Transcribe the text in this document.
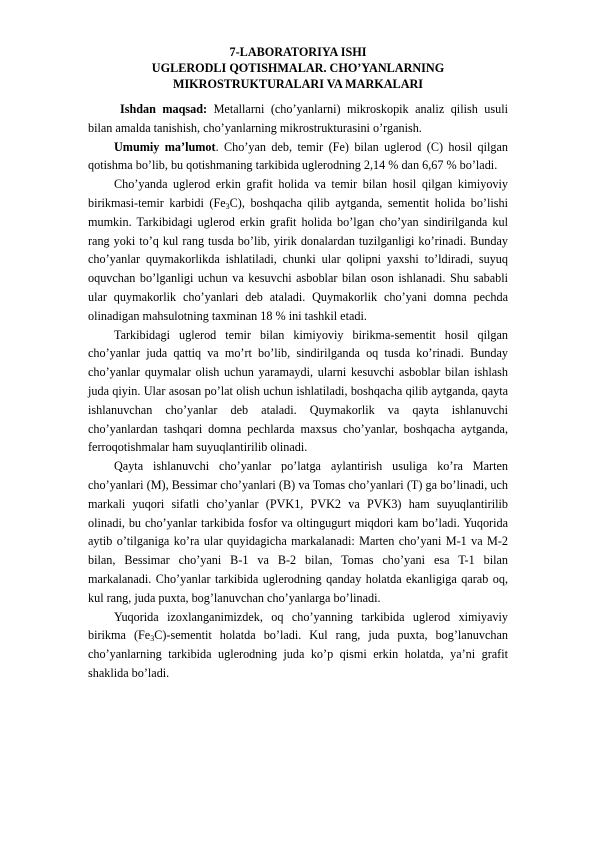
7-LABORATORIYA ISHI
UGLERODLI QOTISHMALAR. CHO’YANLARNING
MIKROSTRUKTURALARI VA MARKALARI

Ishdan maqsad: Metallarni (cho’yanlarni) mikroskopik analiz qilish usuli bilan amalda tanishish, cho’yanlarning mikrostrukturasini o’rganish.

Umumiy ma’lumot. Cho’yan deb, temir (Fe) bilan uglerod (C) hosil qilgan qotishma bo’lib, bu qotishmaning tarkibida uglerodning 2,14 % dan 6,67 % bo’ladi.

Cho’yanda uglerod erkin grafit holida va temir bilan hosil qilgan kimiyoviy birikmasi-temir karbidi $(Fe_3C)$, boshqacha qilib aytganda, sementit holida bo’lishi mumkin. Tarkibidagi uglerod erkin grafit holida bo’lgan cho’yan sindirilganda kul rang yoki to’q kul rang tusda bo’lib, yirik donalardan tuzilganligi ko’rinadi. Bunday cho’yanlar quymakorlikda ishlatiladi, chunki ular qolipni yaxshi to’ldiradi, suyuq oquvchan bo’lganligi uchun va kesuvchi asboblar bilan oson ishlanadi. Shu sababli ular quymakorlik cho’yanlari deb ataladi. Quymakorlik cho’yani domna pechda olinadigan mahsulotning taxminan 18 % ini tashkil etadi.

Tarkibidagi uglerod temir bilan kimiyoviy birikma-sementit hosil qilgan cho’yanlar juda qattiq va mo’rt bo’lib, sindirilganda oq tusda ko’rinadi. Bunday cho’yanlar quymalar olish uchun yaramaydi, ularni kesuvchi asboblar bilan ishlash juda qiyin. Ular asosan po’lat olish uchun ishlatiladi, boshqacha qilib aytganda, qayta ishlanuvchan cho’yanlar deb ataladi. Quymakorlik va qayta ishlanuvchi cho’yanlardan tashqari domna pechlarda maxsus cho’yanlar, boshqacha aytganda, ferroqotishmalar ham suyuqlantirilib olinadi.

Qayta ishlanuvchi cho’yanlar po’latga aylantirish usuliga ko’ra Marten cho’yanlari (M), Bessimar cho’yanlari (B) va Tomas cho’yanlari (T) ga bo’linadi, uch markali yuqori sifatli cho’yanlar (PVK1, PVK2 va PVK3) ham suyuqlantirilib olinadi, bu cho’yanlar tarkibida fosfor va oltingugurt miqdori kam bo’ladi. Yuqorida aytib o’tilganiga ko’ra ular quyidagicha markalanadi: Marten cho’yani M-1 va M-2 bilan, Bessimar cho’yani B-1 va B-2 bilan, Tomas cho’yani esa T-1 bilan markalanadi. Cho’yanlar tarkibida uglerodning qanday holatda ekanligiga qarab oq, kul rang, juda puxta, bog’lanuvchan cho’yanlarga bo’linadi.

Yuqorida izoxlanganimizdek, oq cho’yanning tarkibida uglerod ximiyaviy birikma $(Fe_3C)$-sementit holatda bo’ladi. Kul rang, juda puxta, bog’lanuvchan cho’yanlarning tarkibida uglerodning juda ko’p qismi erkin holatda, ya’ni grafit shaklida bo’ladi.
